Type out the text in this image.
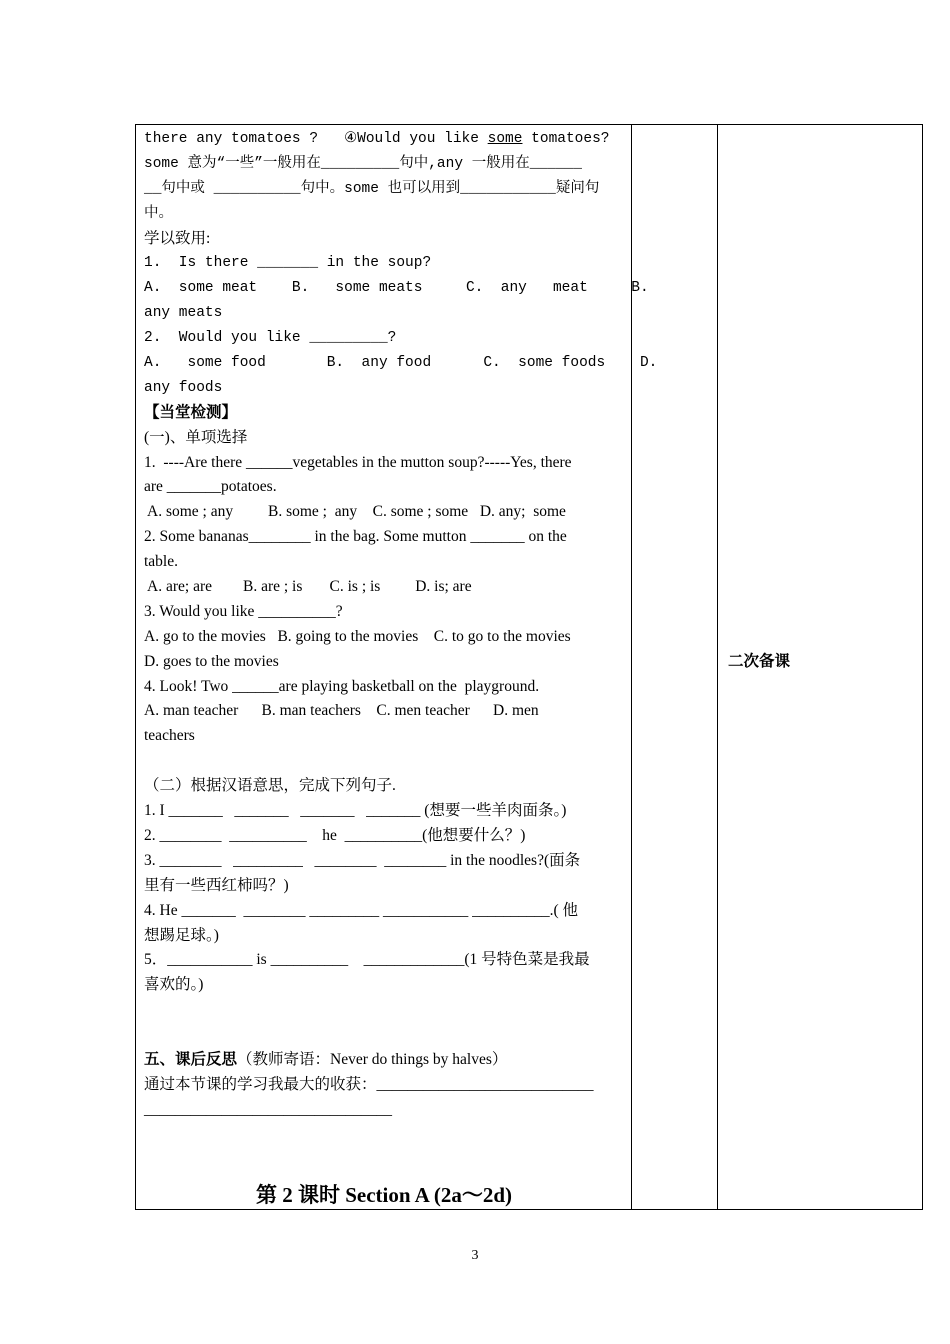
there any tomatoes ?   ④Would you like some tomatoes?
some 意为“一些”一般用在_________句中,any 一般用在______
__句中或 __________句中。some 也可以用到___________疑问句
中。
学以致用:
1.  Is there _______ in the soup?
A.  some meat    B.   some meats     C.  any   meat     B.
any meats
2.  Would you like _________?
A.   some food       B.  any food      C.  some foods    D.
any foods
【当堂检测】
(一)、单项选择
1.  ----Are there ______vegetables in the mutton soup?-----Yes, there
are _______potatoes.
A. some ; any         B. some ;  any    C. some ; some   D. any;  some
2. Some bananas________ in the bag. Some mutton _______ on the
table.
A. are; are        B. are ; is       C. is ; is         D. is; are
3. Would you like __________?
A. go to the movies   B. going to the movies    C. to go to the movies
D. goes to the movies
4. Look! Two ______are playing basketball on the  playground.
A. man teacher      B. man teachers    C. men teacher      D. men
teachers
（二）根据汉语意思，完成下列句子.
1. I _______   _______   _______   _______ (想要一些羊肉面条。)
2. ________  __________    he  __________(他想要什么？)
3. ________   _________   ________  ________ in the noodles?(面条
里有一些西红柿吗？)
4. He _______  ________ _________ ___________ __________.( 他
想踢足球。)
5．___________ is __________    _____________(1 号特色菜是我最
喜欢的。)
五、课后反思（教师寄语：Never do things by halves）
通过本节课的学习我最大的收获：____________________________
________________________________
第 2 课时 Section A (2a～2d)
二次备课
3
